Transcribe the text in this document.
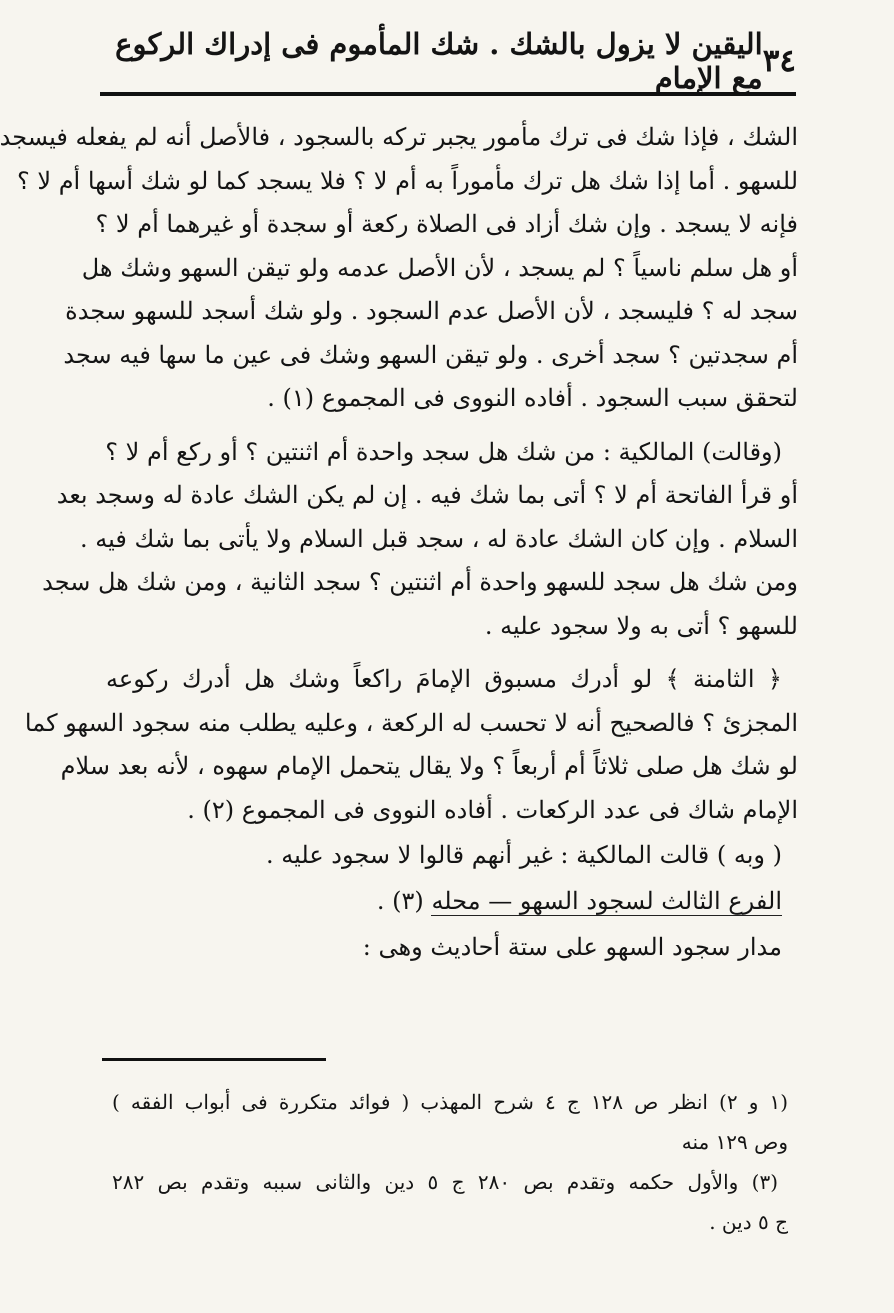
٣٤
اليقين لا يزول بالشك . شك المأموم فى إدراك الركوع مع الإمام
الشك ، فإذا شك فى ترك مأمور يجبر تركه بالسجود ، فالأصل أنه لم يفعله فيسجد
للسهو . أما إذا شك هل ترك مأموراً به أم لا ؟ فلا يسجد كما لو شك أسها أم لا ؟
فإنه لا يسجد . وإن شك أزاد فى الصلاة ركعة أو سجدة أو غيرهما أم لا ؟
أو هل سلم ناسياً ؟ لم يسجد ، لأن الأصل عدمه ولو تيقن السهو وشك هل
سجد له ؟ فليسجد ، لأن الأصل عدم السجود . ولو شك أسجد للسهو سجدة
أم سجدتين ؟ سجد أخرى . ولو تيقن السهو وشك فى عين ما سها فيه سجد
لتحقق سبب السجود . أفاده النووى فى المجموع (١) .
(وقالت) المالكية : من شك هل سجد واحدة أم اثنتين ؟ أو ركع أم لا ؟
أو قرأ الفاتحة أم لا ؟ أتى بما شك فيه . إن لم يكن الشك عادة له وسجد بعد
السلام . وإن كان الشك عادة له ، سجد قبل السلام ولا يأتى بما شك فيه .
ومن شك هل سجد للسهو واحدة أم اثنتين ؟ سجد الثانية ، ومن شك هل سجد
للسهو ؟ أتى به ولا سجود عليه .
﴿ الثامنة ﴾ لو أدرك مسبوق الإمامَ راكعاً وشك هل أدرك ركوعه
المجزئ ؟ فالصحيح أنه لا تحسب له الركعة ، وعليه يطلب منه سجود السهو كما
لو شك هل صلى ثلاثاً أم أربعاً ؟ ولا يقال يتحمل الإمام سهوه ، لأنه بعد سلام
الإمام شاك فى عدد الركعات . أفاده النووى فى المجموع (٢) .
( وبه ) قالت المالكية : غير أنهم قالوا لا سجود عليه .
الفرع الثالث لسجود السهو — محله (٣) .
مدار سجود السهو على ستة أحاديث وهى :
(١ و ٢) انظر ص ١٢٨ ج ٤ شرح المهذب ( فوائد متكررة فى أبواب الفقه )
وص ١٢٩ منه
(٣) والأول حكمه وتقدم بص ٢٨٠ ج ٥ دين والثانى سببه وتقدم بص ٢٨٢
ج ٥ دين .
